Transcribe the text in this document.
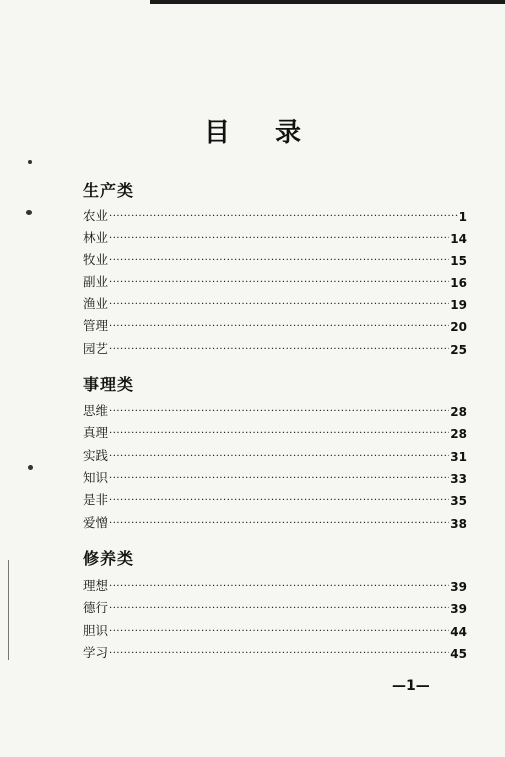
目 录
生产类
农业 ·····	1
林业 ·····	14
牧业 ·····	15
副业 ·····	16
渔业 ·····	19
管理 ·····	20
园艺 ·····	25
事理类
思维 ·····	28
真理 ·····	28
实践 ·····	31
知识 ·····	33
是非 ·····	35
爱憎 ·····	38
修养类
理想 ·····	39
德行 ·····	39
胆识 ·····	44
学习 ·····	45
—1—
